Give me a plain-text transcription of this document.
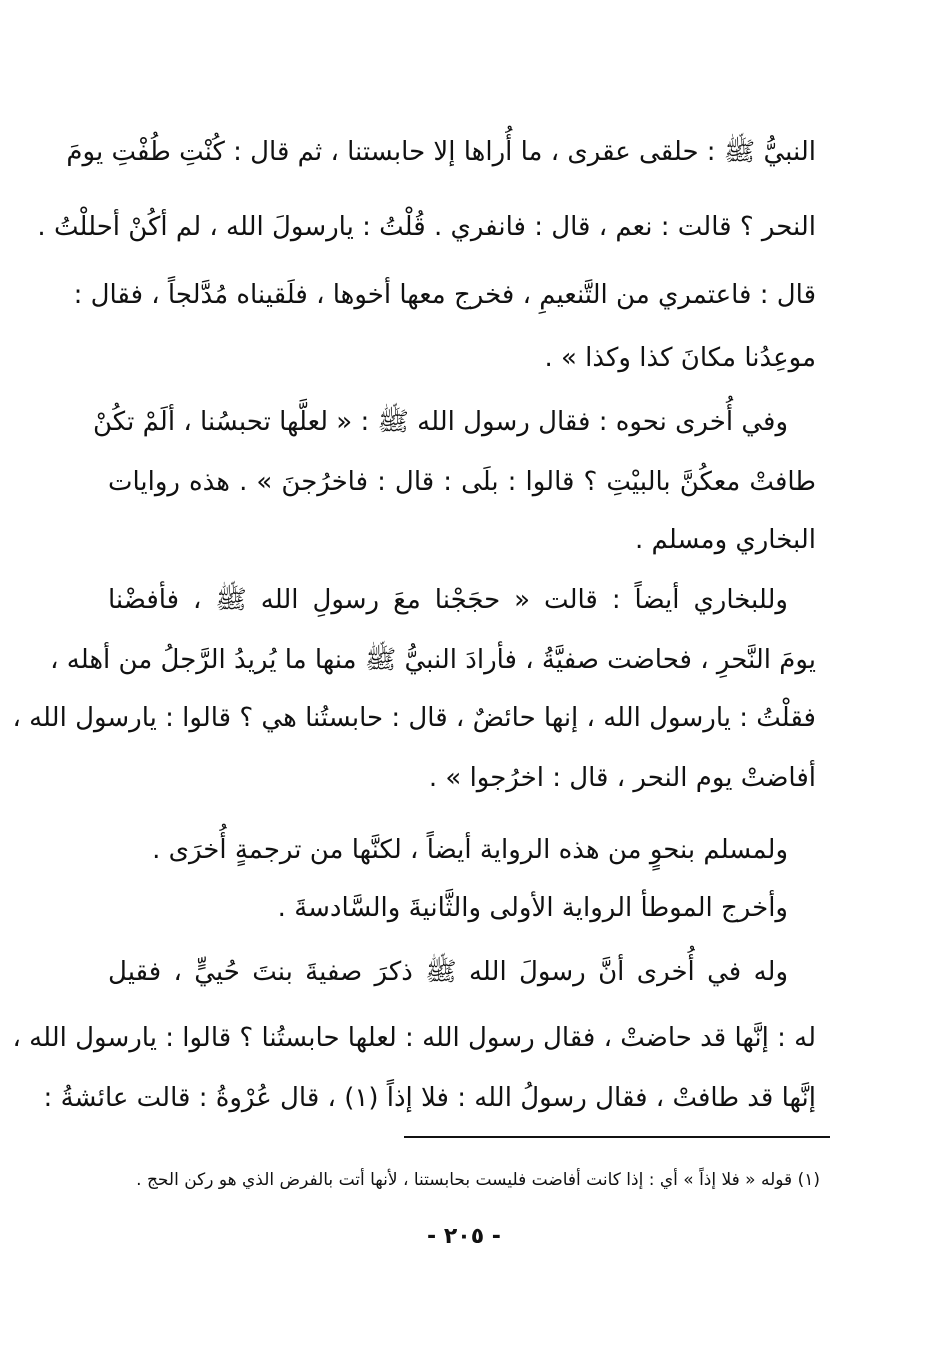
النبيُّ ﷺ : حلقى عقرى ، ما أُراها إلا حابستنا ، ثم قال : كُنْتِ طُفْتِ يومَ
النحر ؟ قالت : نعم ، قال : فانفري . قُلْتُ : يارسولَ الله ، لم أكُنْ أحللْتُ .
قال : فاعتمري من التَّنعيمِ ، فخرج معها أخوها ، فلَقيناه مُدَّلجاً ، فقال :
موعِدُنا مكانَ كذا وكذا » .
وفي أُخرى نحوه : فقال رسول الله ﷺ : « لعلَّها تحبسُنا ، ألَمْ تكُنْ
طافتْ معكُنَّ بالبيْتِ ؟ قالوا : بلَى : قال : فاخرُجنَ » . هذه روايات
البخاري ومسلم .
وللبخاري أيضاً : قالت « حجَجْنا معَ رسولِ الله ﷺ ، فأفضْنا
يومَ النَّحرِ ، فحاضت صفيَّةُ ، فأرادَ النبيُّ ﷺ منها ما يُريدُ الرَّجلُ من أهله ،
فقلْتُ : يارسول الله ، إنها حائضٌ ، قال : حابستُنا هي ؟ قالوا : يارسول الله ،
أفاضتْ يوم النحر ، قال : اخرُجوا » .
ولمسلم بنحوٍ من هذه الرواية أيضاً ، لكنَّها من ترجمةٍ أُخرَى .
وأخرج الموطأ الرواية الأولى والثَّانيةَ والسَّادسةَ .
وله في أُخرى أنَّ رسولَ الله ﷺ ذكرَ صفيةَ بنتَ حُييٍّ ، فقيل
له : إنَّها قد حاضتْ ، فقال رسول الله : لعلها حابستُنا ؟ قالوا : يارسول الله ،
إنَّها قد طافتْ ، فقال رسولُ الله : فلا إذاً (١) ، قال عُرْوةُ : قالت عائشةُ :
(١) قوله « فلا إذاً » أي : إذا كانت أفاضت فليست بحابستنا ، لأنها أتت بالفرض الذي هو ركن الحج .
- ٢٠٥ -
